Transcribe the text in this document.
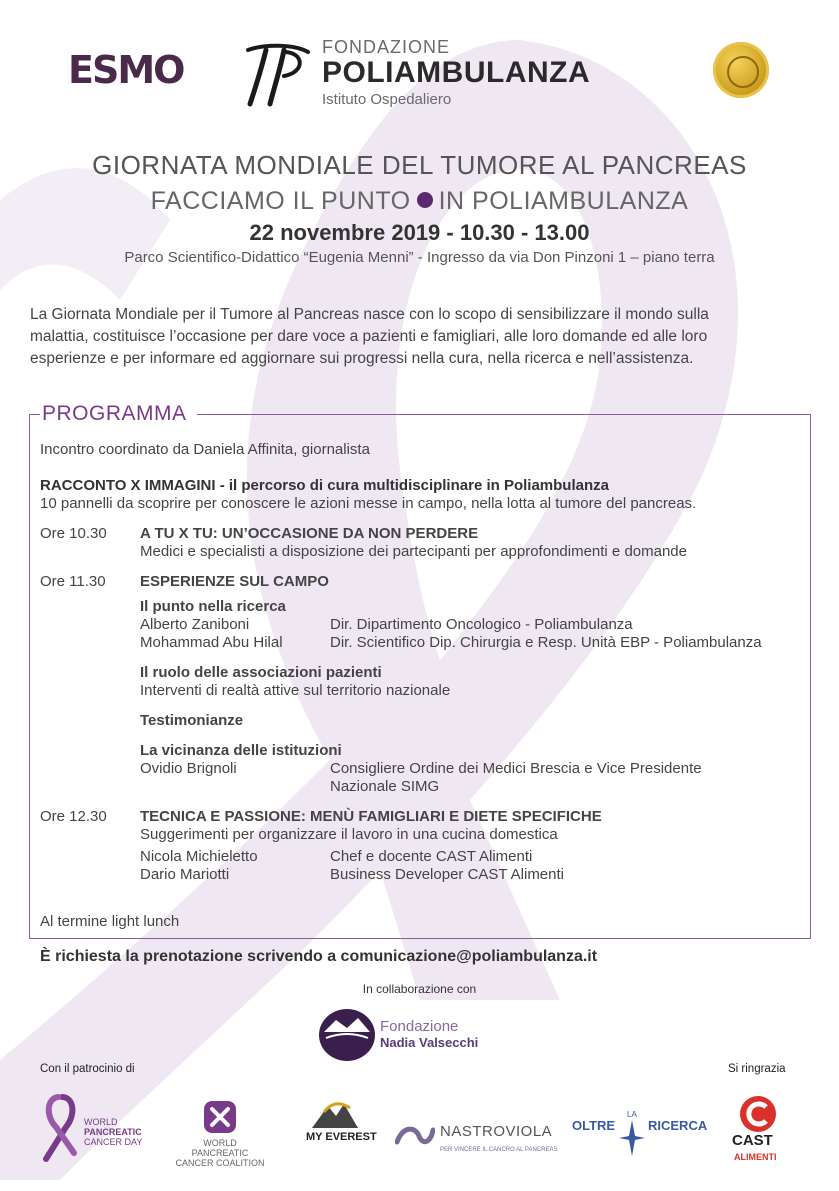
ESMO
FONDAZIONE
POLIAMBULANZA
Istituto Ospedaliero
GIORNATA MONDIALE DEL TUMORE AL PANCREAS
FACCIAMO IL PUNTO IN POLIAMBULANZA
22 novembre 2019 - 10.30 - 13.00
Parco Scientifico-Didattico “Eugenia Menni” - Ingresso da via Don Pinzoni 1 – piano terra
La Giornata Mondiale per il Tumore al Pancreas nasce con lo scopo di sensibilizzare il mondo sulla
malattia, costituisce l’occasione per dare voce a pazienti e famigliari, alle loro domande ed alle loro
esperienze e per informare ed aggiornare sui progressi nella cura, nella ricerca e nell’assistenza.
PROGRAMMA
Incontro coordinato da Daniela Affinita, giornalista
RACCONTO X IMMAGINI - il percorso di cura multidisciplinare in Poliambulanza
10 pannelli da scoprire per conoscere le azioni messe in campo, nella lotta al tumore del pancreas.
Ore 10.30 A TU X TU: UN’OCCASIONE DA NON PERDERE
Medici e specialisti a disposizione dei partecipanti per approfondimenti e domande
Ore 11.30 ESPERIENZE SUL CAMPO
Il punto nella ricerca
Alberto Zaniboni	Dir. Dipartimento Oncologico - Poliambulanza
Mohammad Abu Hilal	Dir. Scientifico Dip. Chirurgia e Resp. Unità EBP - Poliambulanza
Il ruolo delle associazioni pazienti
Interventi di realtà attive sul territorio nazionale
Testimonianze
La vicinanza delle istituzioni
Ovidio Brignoli	Consigliere Ordine dei Medici Brescia e Vice Presidente
Nazionale SIMG
Ore 12.30 TECNICA E PASSIONE: MENÙ FAMIGLIARI E DIETE SPECIFICHE
Suggerimenti per organizzare il lavoro in una cucina domestica
Nicola Michieletto	Chef e docente CAST Alimenti
Dario Mariotti	Business Developer CAST Alimenti
Al termine light lunch
È richiesta la prenotazione scrivendo a comunicazione@poliambulanza.it
In collaborazione con
Fondazione
Nadia Valsecchi
Con il patrocinio di	Si ringrazia
WORLD
PANCREATIC
CANCER DAY	WORLD PANCREATIC
CANCER COALITION
MY EVEREST	NASTROVIOLA
PER VINCERE IL CANCRO AL PANCREAS
OLTRE
LA
RICERCA
CAST
ALIMENTI
